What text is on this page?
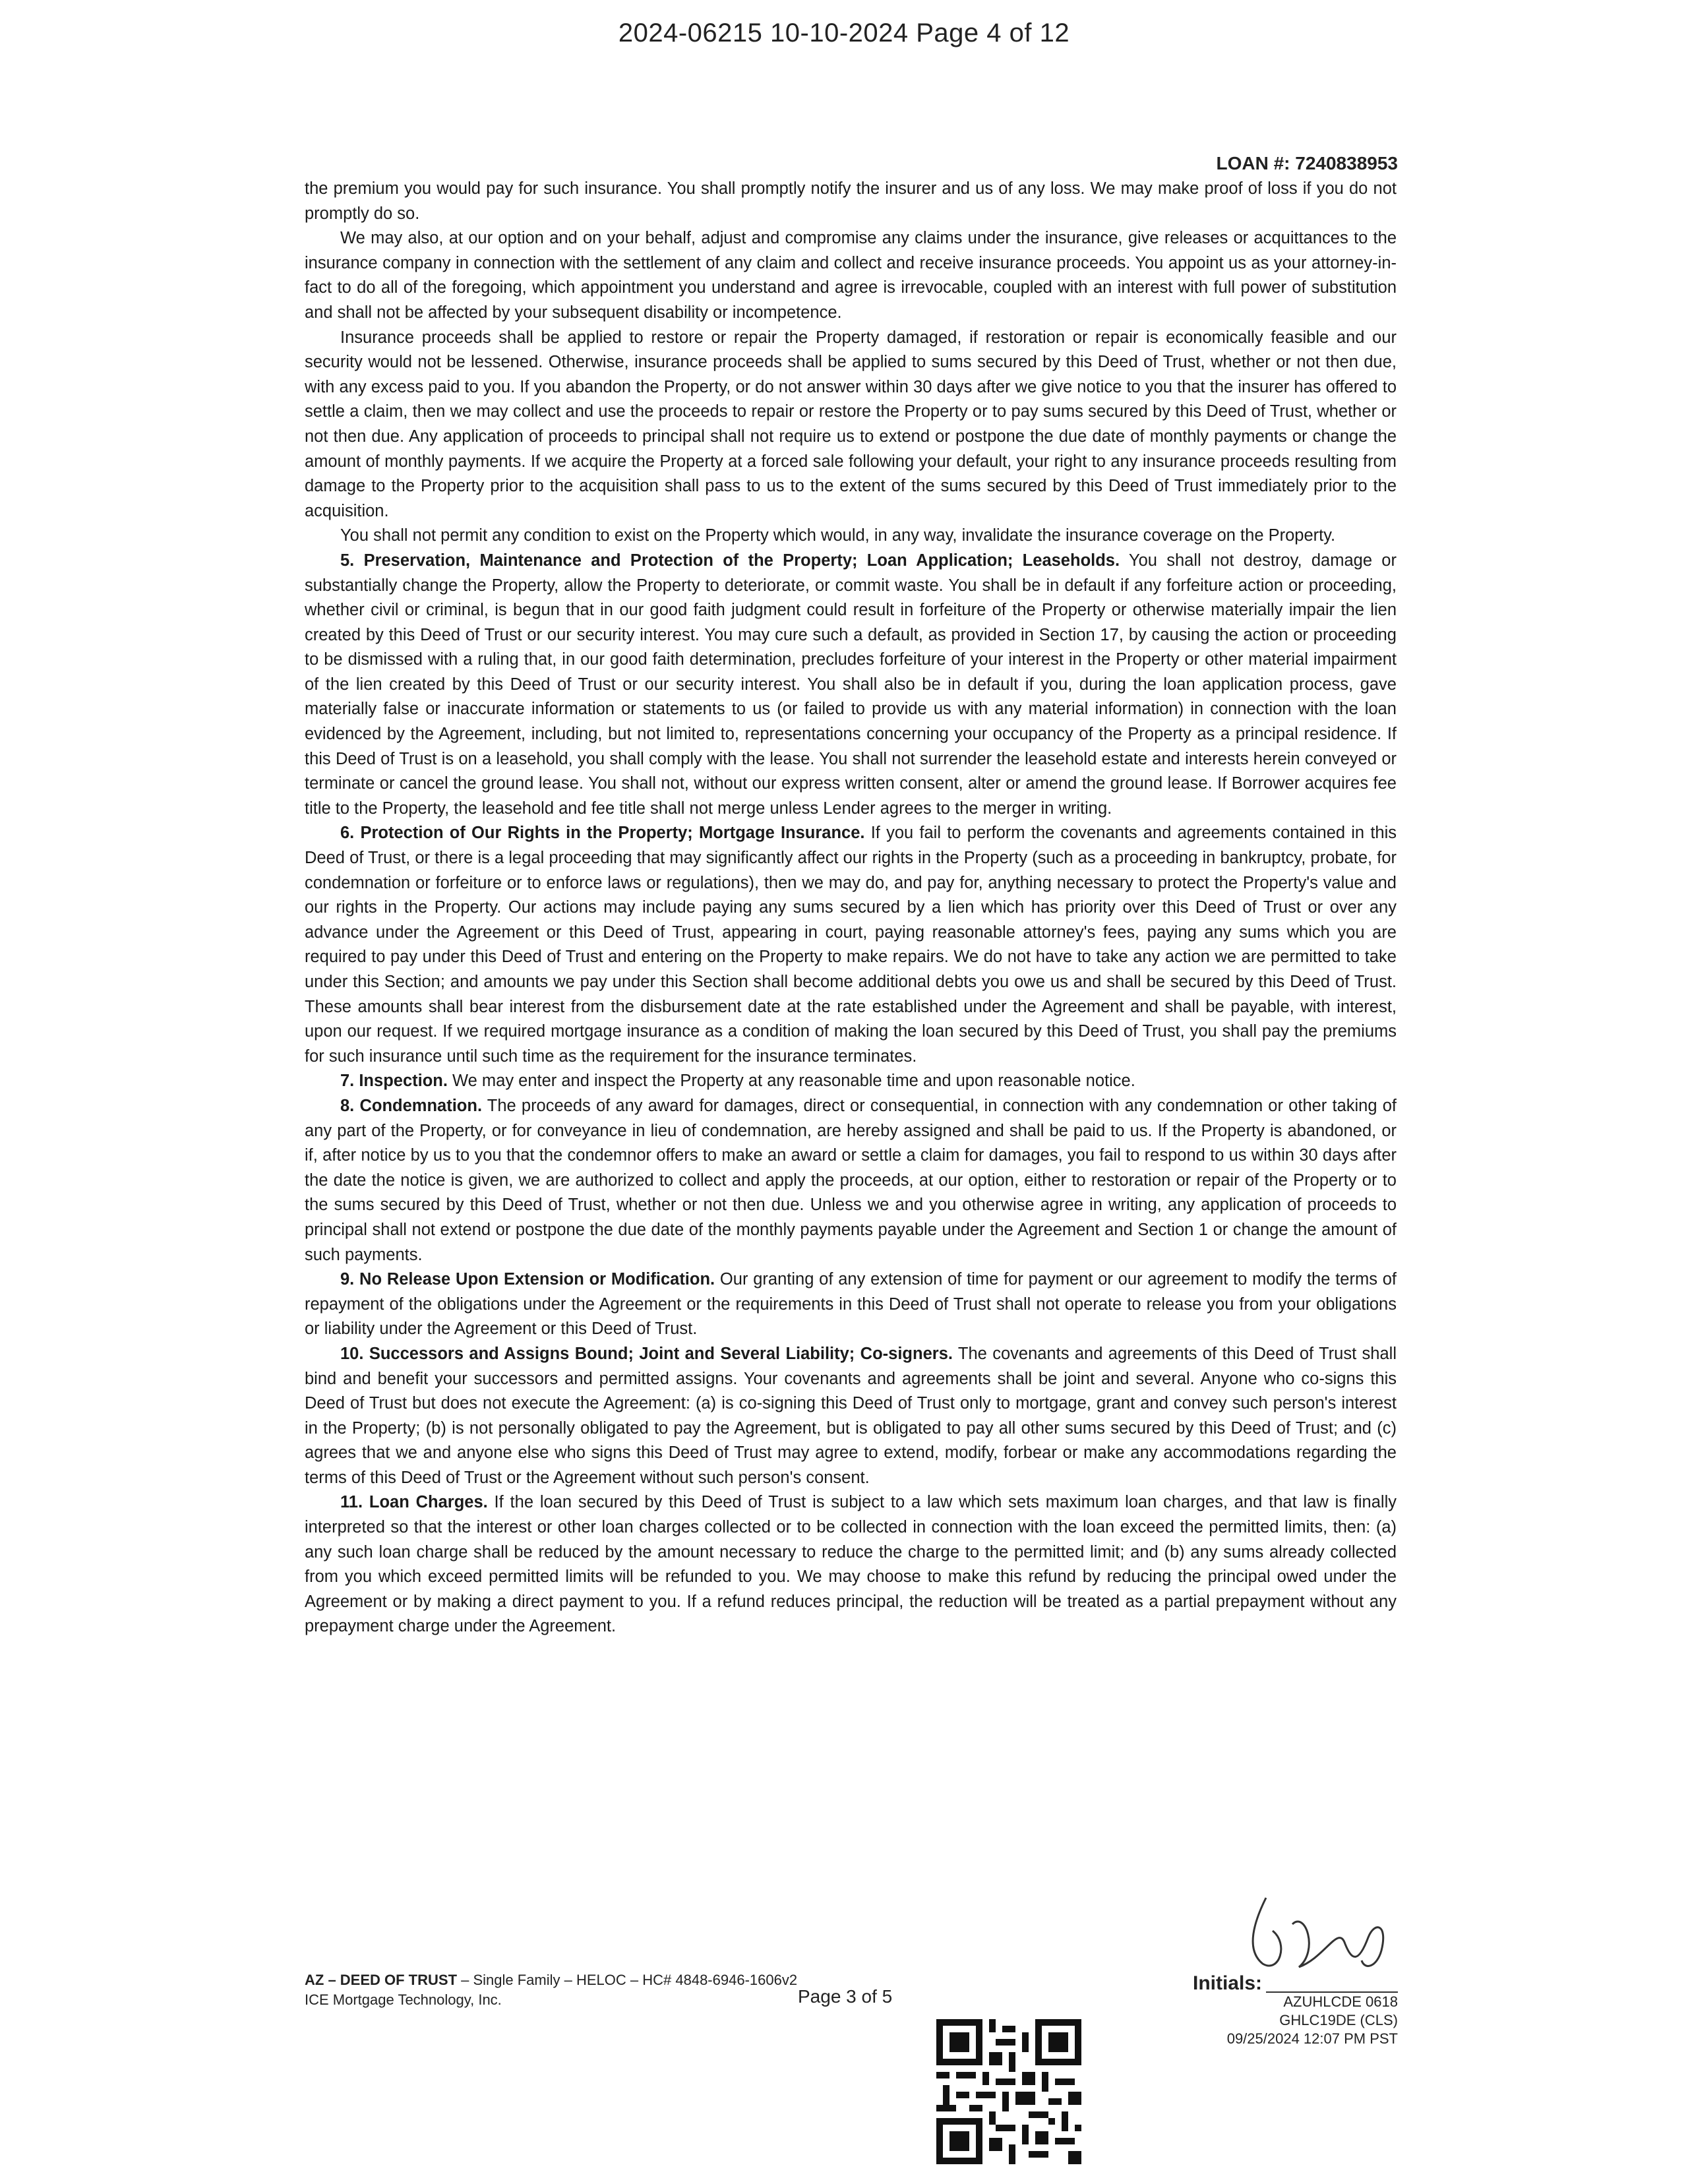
2024-06215 10-10-2024 Page 4 of 12
LOAN #: 7240838953

the premium you would pay for such insurance. You shall promptly notify the insurer and us of any loss. We may make proof of loss if you do not promptly do so.

We may also, at our option and on your behalf, adjust and compromise any claims under the insurance, give releases or acquittances to the insurance company in connection with the settlement of any claim and collect and receive insurance proceeds. You appoint us as your attorney-in-fact to do all of the foregoing, which appointment you understand and agree is irrevocable, coupled with an interest with full power of substitution and shall not be affected by your subsequent disability or incompetence.

Insurance proceeds shall be applied to restore or repair the Property damaged, if restoration or repair is economically feasible and our security would not be lessened. Otherwise, insurance proceeds shall be applied to sums secured by this Deed of Trust, whether or not then due, with any excess paid to you. If you abandon the Property, or do not answer within 30 days after we give notice to you that the insurer has offered to settle a claim, then we may collect and use the proceeds to repair or restore the Property or to pay sums secured by this Deed of Trust, whether or not then due. Any application of proceeds to principal shall not require us to extend or postpone the due date of monthly payments or change the amount of monthly payments. If we acquire the Property at a forced sale following your default, your right to any insurance proceeds resulting from damage to the Property prior to the acquisition shall pass to us to the extent of the sums secured by this Deed of Trust immediately prior to the acquisition.

You shall not permit any condition to exist on the Property which would, in any way, invalidate the insurance coverage on the Property.

5. Preservation, Maintenance and Protection of the Property; Loan Application; Leaseholds. You shall not destroy, damage or substantially change the Property, allow the Property to deteriorate, or commit waste. You shall be in default if any forfeiture action or proceeding, whether civil or criminal, is begun that in our good faith judgment could result in forfeiture of the Property or otherwise materially impair the lien created by this Deed of Trust or our security interest. You may cure such a default, as provided in Section 17, by causing the action or proceeding to be dismissed with a ruling that, in our good faith determination, precludes forfeiture of your interest in the Property or other material impairment of the lien created by this Deed of Trust or our security interest. You shall also be in default if you, during the loan application process, gave materially false or inaccurate information or statements to us (or failed to provide us with any material information) in connection with the loan evidenced by the Agreement, including, but not limited to, representations concerning your occupancy of the Property as a principal residence. If this Deed of Trust is on a leasehold, you shall comply with the lease. You shall not surrender the leasehold estate and interests herein conveyed or terminate or cancel the ground lease. You shall not, without our express written consent, alter or amend the ground lease. If Borrower acquires fee title to the Property, the leasehold and fee title shall not merge unless Lender agrees to the merger in writing.

6. Protection of Our Rights in the Property; Mortgage Insurance. If you fail to perform the covenants and agreements contained in this Deed of Trust, or there is a legal proceeding that may significantly affect our rights in the Property (such as a proceeding in bankruptcy, probate, for condemnation or forfeiture or to enforce laws or regulations), then we may do, and pay for, anything necessary to protect the Property's value and our rights in the Property. Our actions may include paying any sums secured by a lien which has priority over this Deed of Trust or over any advance under the Agreement or this Deed of Trust, appearing in court, paying reasonable attorney's fees, paying any sums which you are required to pay under this Deed of Trust and entering on the Property to make repairs. We do not have to take any action we are permitted to take under this Section; and amounts we pay under this Section shall become additional debts you owe us and shall be secured by this Deed of Trust. These amounts shall bear interest from the disbursement date at the rate established under the Agreement and shall be payable, with interest, upon our request. If we required mortgage insurance as a condition of making the loan secured by this Deed of Trust, you shall pay the premiums for such insurance until such time as the requirement for the insurance terminates.

7. Inspection. We may enter and inspect the Property at any reasonable time and upon reasonable notice.

8. Condemnation. The proceeds of any award for damages, direct or consequential, in connection with any condemnation or other taking of any part of the Property, or for conveyance in lieu of condemnation, are hereby assigned and shall be paid to us. If the Property is abandoned, or if, after notice by us to you that the condemnor offers to make an award or settle a claim for damages, you fail to respond to us within 30 days after the date the notice is given, we are authorized to collect and apply the proceeds, at our option, either to restoration or repair of the Property or to the sums secured by this Deed of Trust, whether or not then due. Unless we and you otherwise agree in writing, any application of proceeds to principal shall not extend or postpone the due date of the monthly payments payable under the Agreement and Section 1 or change the amount of such payments.

9. No Release Upon Extension or Modification. Our granting of any extension of time for payment or our agreement to modify the terms of repayment of the obligations under the Agreement or the requirements in this Deed of Trust shall not operate to release you from your obligations or liability under the Agreement or this Deed of Trust.

10. Successors and Assigns Bound; Joint and Several Liability; Co-signers. The covenants and agreements of this Deed of Trust shall bind and benefit your successors and permitted assigns. Your covenants and agreements shall be joint and several. Anyone who co-signs this Deed of Trust but does not execute the Agreement: (a) is co-signing this Deed of Trust only to mortgage, grant and convey such person's interest in the Property; (b) is not personally obligated to pay the Agreement, but is obligated to pay all other sums secured by this Deed of Trust; and (c) agrees that we and anyone else who signs this Deed of Trust may agree to extend, modify, forbear or make any accommodations regarding the terms of this Deed of Trust or the Agreement without such person's consent.

11. Loan Charges. If the loan secured by this Deed of Trust is subject to a law which sets maximum loan charges, and that law is finally interpreted so that the interest or other loan charges collected or to be collected in connection with the loan exceed the permitted limits, then: (a) any such loan charge shall be reduced by the amount necessary to reduce the charge to the permitted limit; and (b) any sums already collected from you which exceed permitted limits will be refunded to you. We may choose to make this refund by reducing the principal owed under the Agreement or by making a direct payment to you. If a refund reduces principal, the reduction will be treated as a partial prepayment without any prepayment charge under the Agreement.

AZ – DEED OF TRUST – Single Family – HELOC – HC# 4848-6946-1606v2
ICE Mortgage Technology, Inc.	Page 3 of 5
Initials:
AZUHLCDE 0618
GHLC19DE (CLS)
09/25/2024 12:07 PM PST
